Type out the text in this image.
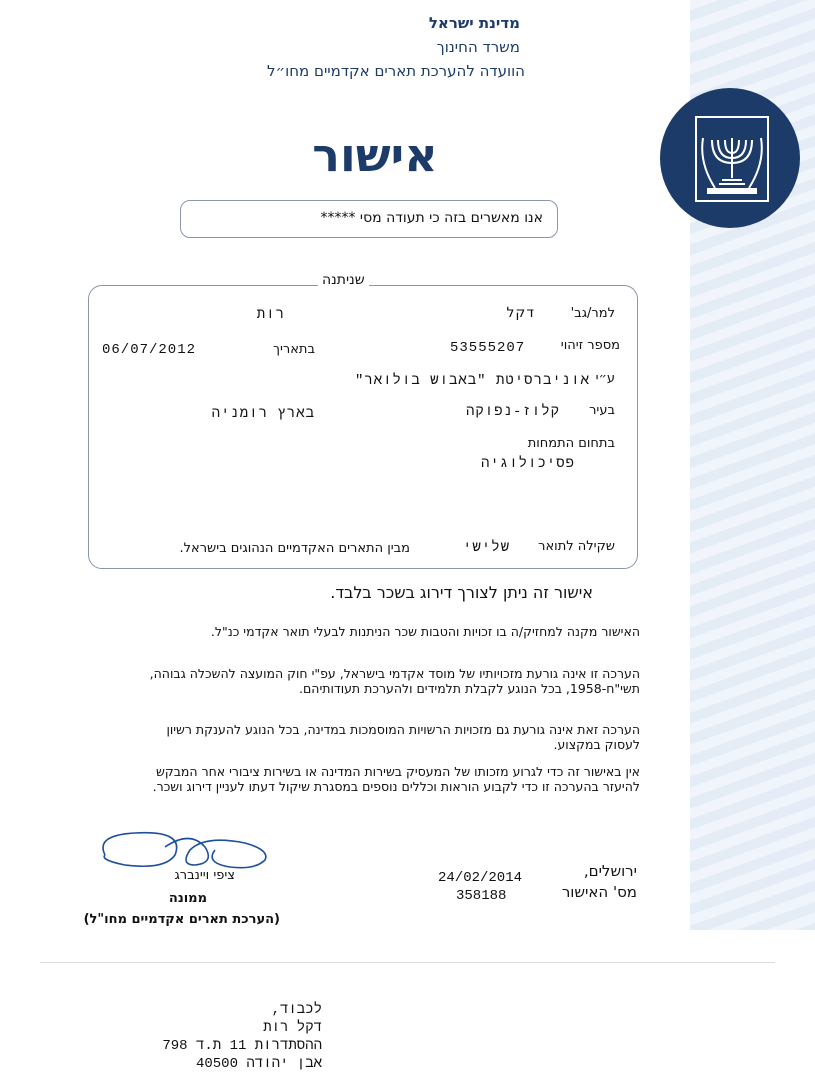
מדינת ישראל
משרד החינוך
הוועדה להערכת תארים אקדמיים מחו״ל
אישור
אנו מאשרים בזה כי תעודה מסי *****
שניתנה
למר/גב'
דקל
רות
מספר זיהוי
53555207
בתאריך
06/07/2012
ע״י
אוניברסיטת "באבוש בולואר"
בעיר
קלוז-נפוקה
בארץ רומניה
בתחום התמחות
פסיכולוגיה
שקילה לתואר
שלישי
מבין התארים האקדמיים הנהוגים בישראל.
אישור זה ניתן לצורך דירוג בשכר בלבד.
האישור מקנה למחזיק/ה בו זכויות והטבות שכר הניתנות לבעלי תואר אקדמי כנ"ל.
הערכה זו אינה גורעת מזכויותיו של מוסד אקדמי בישראל, עפ"י חוק המועצה להשכלה גבוהה, תשי"ח-1958, בכל הנוגע לקבלת תלמידים ולהערכת תעודותיהם.
הערכה זאת אינה גורעת גם מזכויות הרשויות המוסמכות במדינה, בכל הנוגע להענקת רשיון לעסוק במקצוע.
אין באישור זה כדי לגרוע מזכותו של המעסיק בשירות המדינה או בשירות ציבורי אחר המבקש להיעזר בהערכה זו כדי לקבוע הוראות וכללים נוספים במסגרת שיקול דעתו לעניין דירוג ושכר.
ציפי ויינברג
ממונה
(הערכת תארים אקדמיים מחו"ל)
24/02/2014
358188
ירושלים,
מס' האישור
לכבוד,
דקל רות
ההסתדרות 11 ת.ד 798
אבן יהודה 40500
